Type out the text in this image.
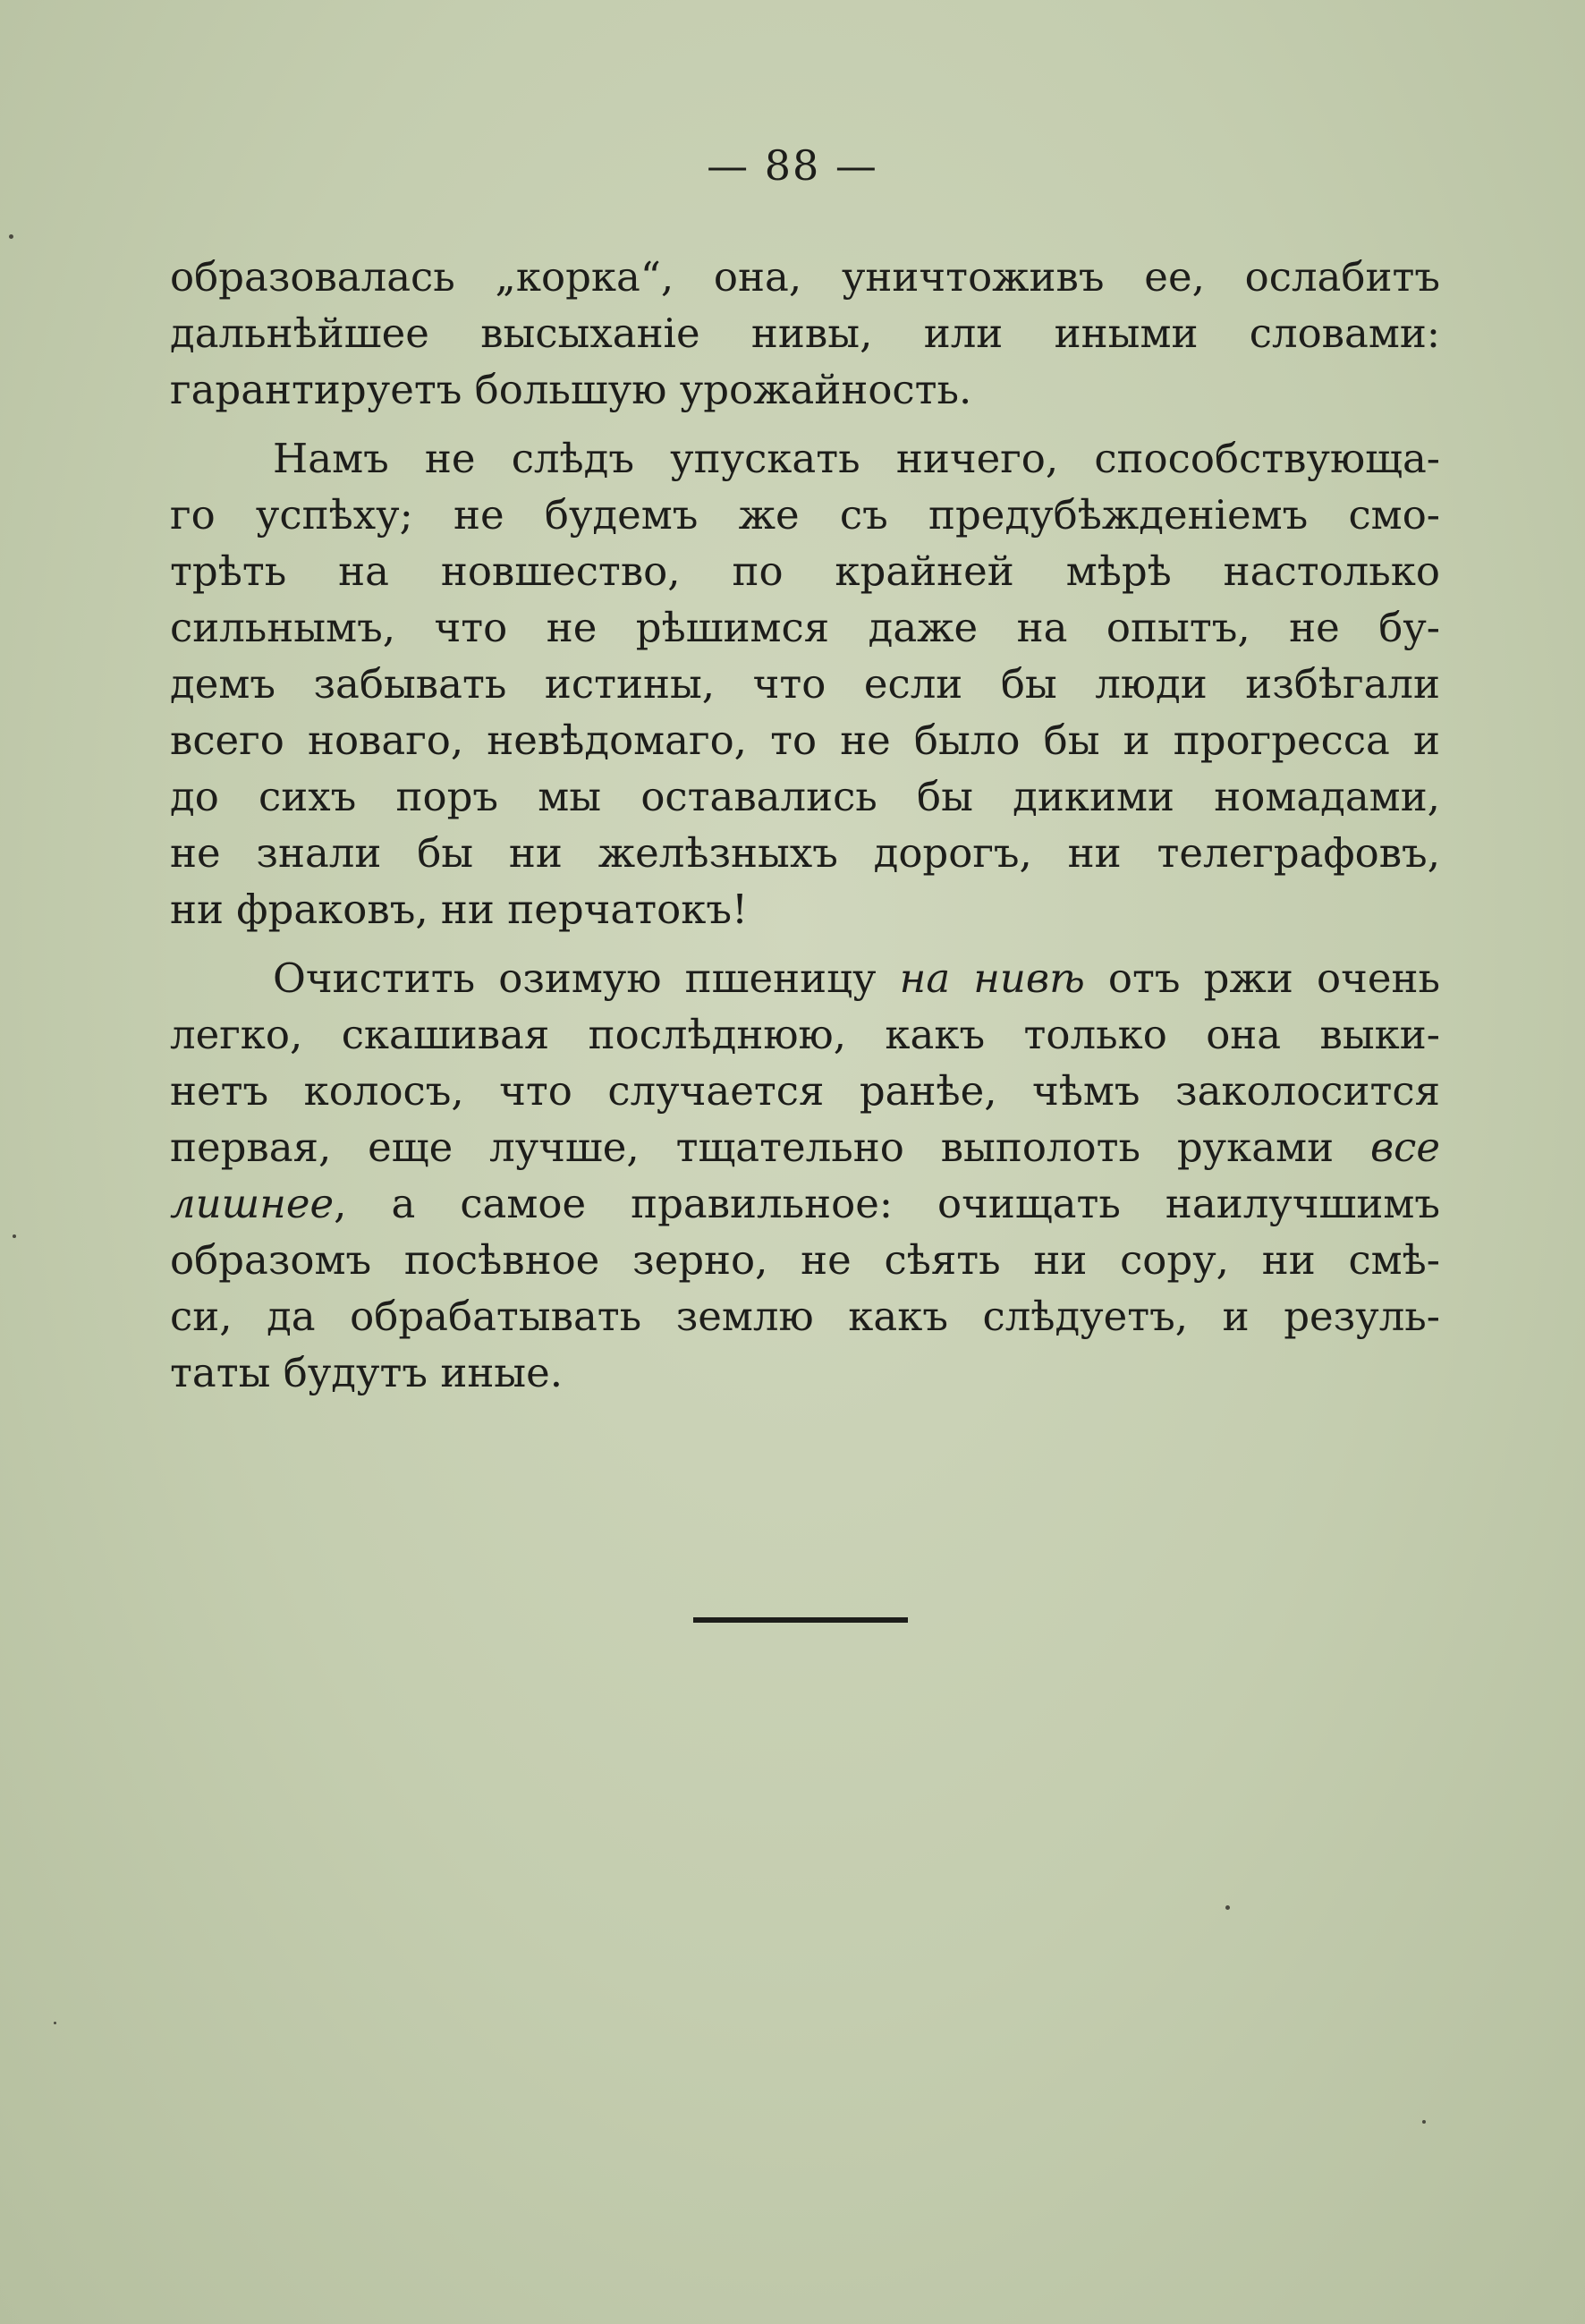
— 88 —
образовалась „корка“, она, уничтоживъ ее, ослабитъ
дальнѣйшее высыханіе нивы, или иными словами:
гарантируетъ большую урожайность.
Намъ не слѣдъ упускать ничего, способствующа-
го успѣху; не будемъ же съ предубѣжденіемъ смо-
трѣть на новшество, по крайней мѣрѣ настолько
сильнымъ, что не рѣшимся даже на опытъ, не бу-
демъ забывать истины, что если бы люди избѣгали
всего новаго, невѣдомаго, то не было бы и прогресса и
до сихъ поръ мы оставались бы дикими номадами,
не знали бы ни желѣзныхъ дорогъ, ни телеграфовъ,
ни фраковъ, ни перчатокъ!
Очистить озимую пшеницу на нивѣ отъ ржи очень
легко, скашивая послѣднюю, какъ только она выки-
нетъ колосъ, что случается ранѣе, чѣмъ заколосится
первая, еще лучше, тщательно выполоть руками все
лишнее, а самое правильное: очищать наилучшимъ
образомъ посѣвное зерно, не сѣять ни сору, ни смѣ-
си, да обрабатывать землю какъ слѣдуетъ, и резуль-
таты будутъ иные.
